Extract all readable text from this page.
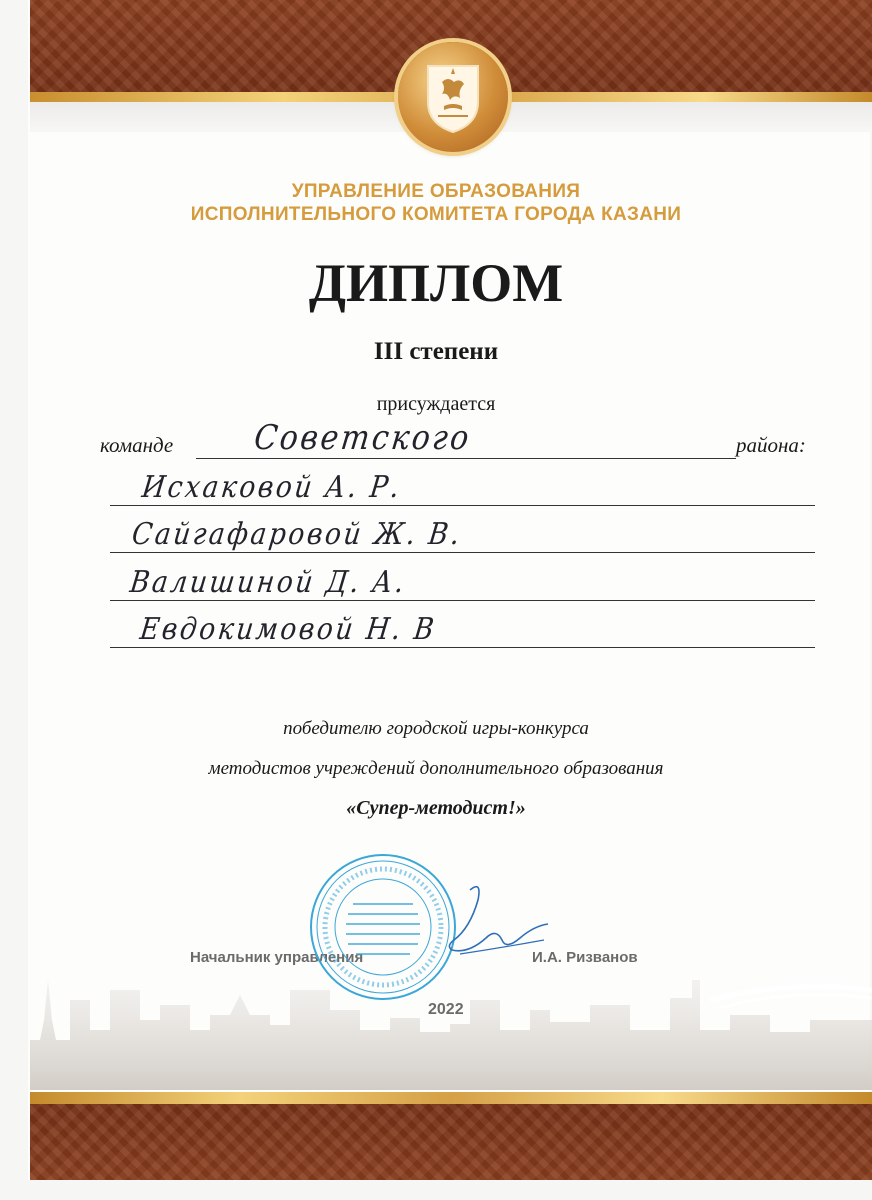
УПРАВЛЕНИЕ ОБРАЗОВАНИЯ
ИСПОЛНИТЕЛЬНОГО КОМИТЕТА ГОРОДА КАЗАНИ
ДИПЛОМ
III степени
присуждается
команде Советского	района:
Исхаковой А. Р.
Сайгафаровой Ж. В.
Валишиной Д. А.
Евдокимовой Н. В
победителю городской игры-конкурса
методистов учреждений дополнительного образования
«Супер-методист!»
Начальник управления	И.А. Ризванов
2022
